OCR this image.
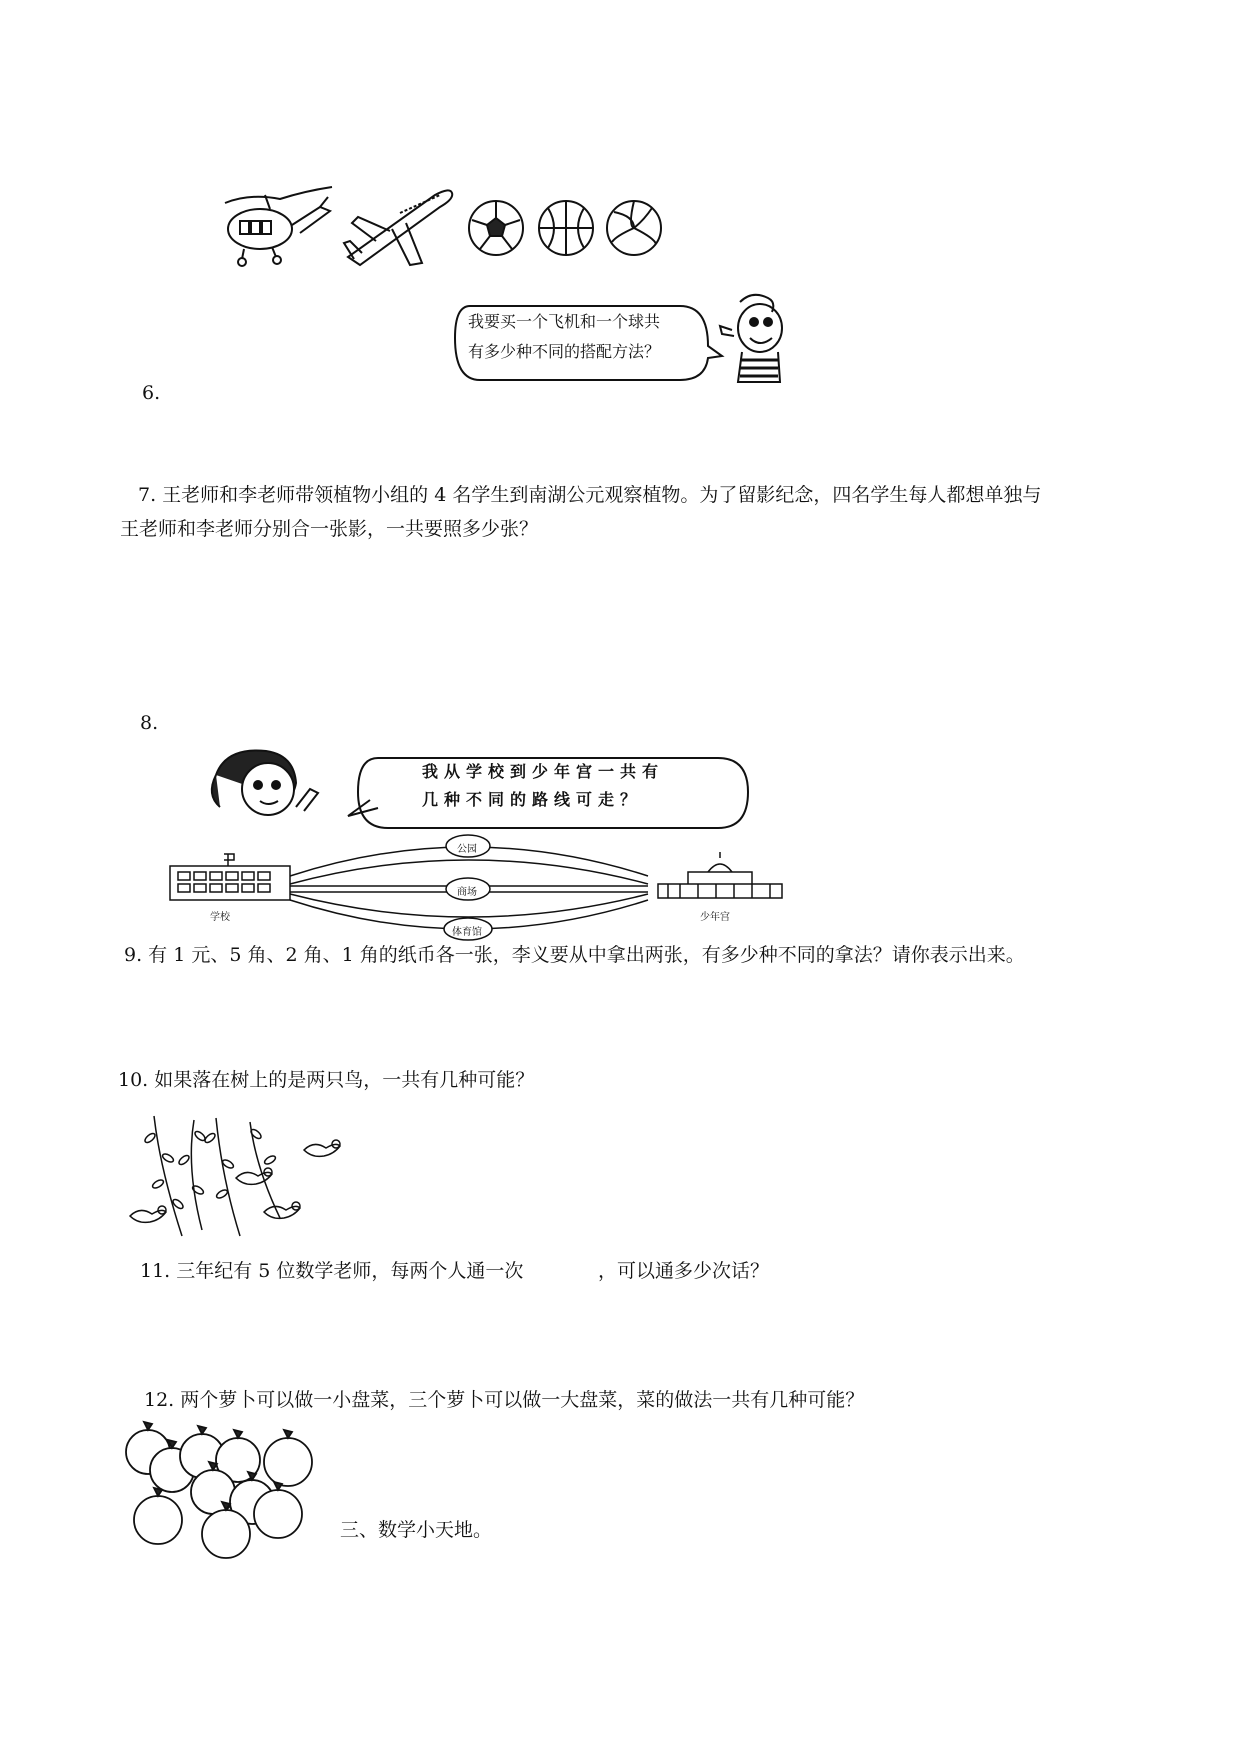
我要买一个飞机和一个球共
有多少种不同的搭配方法？
6.
7. 王老师和李老师带领植物小组的 4 名学生到南湖公元观察植物。为了留影纪念，四名学生每人都想单独与
王老师和李老师分别合一张影，一共要照多少张？
8.
我从学校到少年宫一共有
几种不同的路线可走？
公园
商场
体育馆
学校	少年宫
9. 有 1 元、5 角、2 角、1 角的纸币各一张，李义要从中拿出两张，有多少种不同的拿法？请你表示出来。
10. 如果落在树上的是两只鸟，一共有几种可能？
11. 三年纪有 5 位数学老师，每两个人通一次	，可以通多少次话？
12. 两个萝卜可以做一小盘菜，三个萝卜可以做一大盘菜，菜的做法一共有几种可能？
三、数学小天地。
